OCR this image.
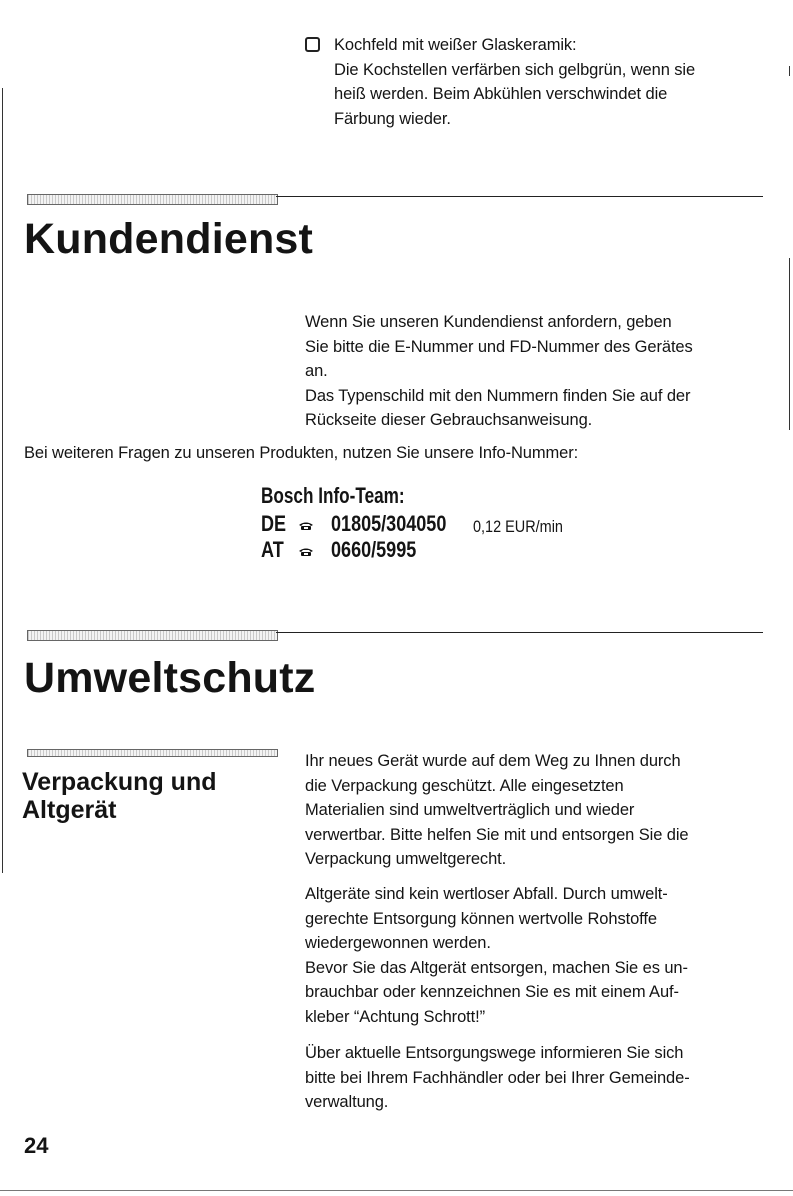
Kochfeld mit weißer Glaskeramik:
Die Kochstellen verfärben sich gelbgrün, wenn sie
heiß werden. Beim Abkühlen verschwindet die
Färbung wieder.
Kundendienst
Wenn Sie unseren Kundendienst anfordern, geben
Sie bitte die E-Nummer und FD-Nummer des Gerätes
an.
Das Typenschild mit den Nummern finden Sie auf der
Rückseite dieser Gebrauchsanweisung.
Bei weiteren Fragen zu unseren Produkten, nutzen Sie unsere Info-Nummer:
Bosch Info-Team:
DE 01805/304050 0,12 EUR/min
AT 0660/5995
Umweltschutz
Verpackung und
Altgerät
Ihr neues Gerät wurde auf dem Weg zu Ihnen durch
die Verpackung geschützt. Alle eingesetzten
Materialien sind umweltverträglich und wieder
verwertbar. Bitte helfen Sie mit und entsorgen Sie die
Verpackung umweltgerecht.
Altgeräte sind kein wertloser Abfall. Durch umwelt-
gerechte Entsorgung können wertvolle Rohstoffe
wiedergewonnen werden.
Bevor Sie das Altgerät entsorgen, machen Sie es un-
brauchbar oder kennzeichnen Sie es mit einem Auf-
kleber “Achtung Schrott!”
Über aktuelle Entsorgungswege informieren Sie sich
bitte bei Ihrem Fachhändler oder bei Ihrer Gemeinde-
verwaltung.
24
